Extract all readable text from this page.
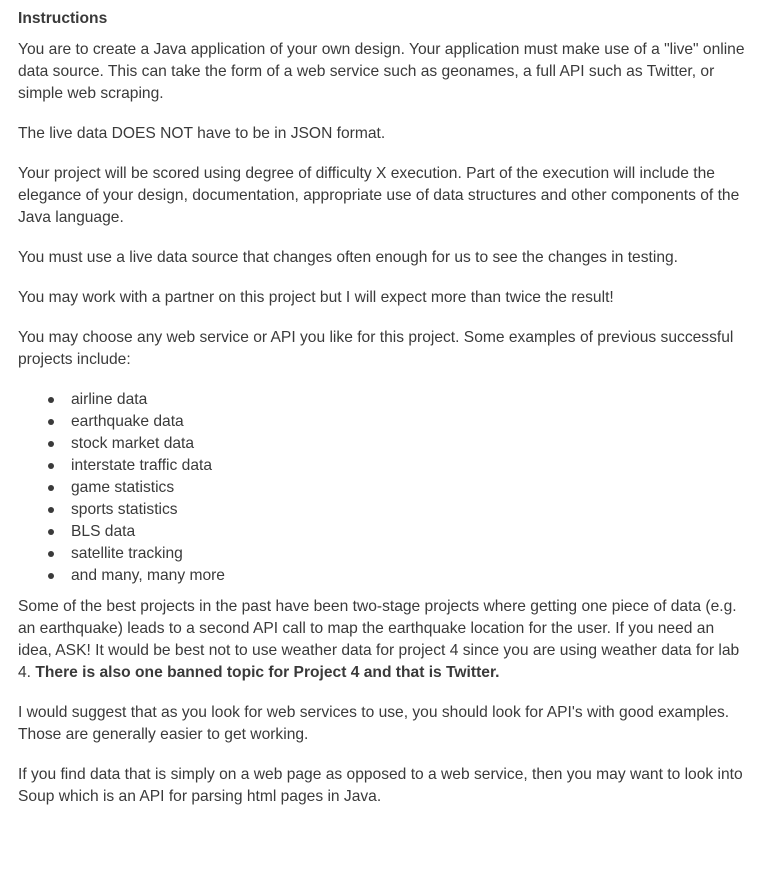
Instructions

You are to create a Java application of your own design. Your application must make use of a "live" online data source. This can take the form of a web service such as geonames, a full API such as Twitter, or simple web scraping.

The live data DOES NOT have to be in JSON format.

Your project will be scored using degree of difficulty X execution. Part of the execution will include the elegance of your design, documentation, appropriate use of data structures and other components of the Java language.

You must use a live data source that changes often enough for us to see the changes in testing.

You may work with a partner on this project but I will expect more than twice the result!

You may choose any web service or API you like for this project. Some examples of previous successful projects include:

airline data
earthquake data
stock market data
interstate traffic data
game statistics
sports statistics
BLS data
satellite tracking
and many, many more

Some of the best projects in the past have been two-stage projects where getting one piece of data (e.g. an earthquake) leads to a second API call to map the earthquake location for the user. If you need an idea, ASK! It would be best not to use weather data for project 4 since you are using weather data for lab 4. There is also one banned topic for Project 4 and that is Twitter.

I would suggest that as you look for web services to use, you should look for API's with good examples. Those are generally easier to get working.

If you find data that is simply on a web page as opposed to a web service, then you may want to look into Soup which is an API for parsing html pages in Java.
